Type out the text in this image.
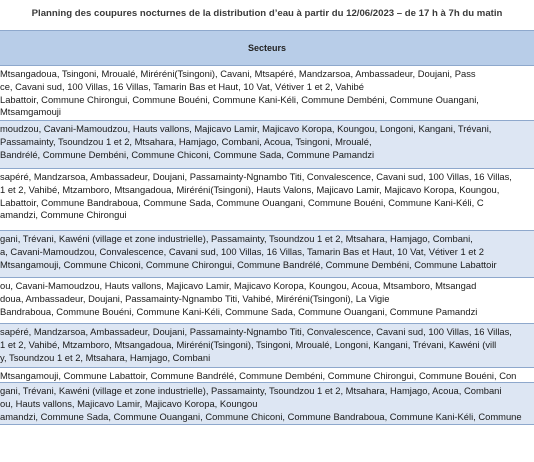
Planning des coupures nocturnes de la distribution d’eau à partir du 12/06/2023 – de 17 h à 7h du matin
Secteurs
Mtsangadoua, Tsingoni, Mroualé, Miréréni(Tsingoni), Cavani, Mtsapéré, Mandzarsoa, Ambassadeur, Doujani, Pass
ce, Cavani sud, 100 Villas, 16 Villas, Tamarin Bas et Haut, 10 Vat, Vétiver 1 et 2, Vahibé
Labattoir, Commune Chirongui, Commune Bouéni, Commune Kani-Kéli, Commune Dembéni, Commune Ouangani,
Mtsamgamouji
moudzou, Cavani-Mamoudzou, Hauts vallons, Majicavo Lamir, Majicavo Koropa, Koungou, Longoni, Kangani, Trévani,
Passamainty, Tsoundzou 1 et 2, Mtsahara, Hamjago, Combani, Acoua, Tsingoni, Mroualé,
Bandrélé, Commune Dembéni, Commune Chiconi, Commune Sada, Commune Pamandzi
sapéré, Mandzarsoa, Ambassadeur, Doujani, Passamainty-Ngnambo Titi, Convalescence, Cavani sud, 100 Villas, 16 Villas,
1 et 2, Vahibé, Mtzamboro, Mtsangadoua, Miréréni(Tsingoni), Hauts Valons, Majicavo Lamir, Majicavo Koropa, Koungou,
Labattoir, Commune Bandraboua, Commune Sada, Commune Ouangani, Commune Bouéni, Commune Kani-Kéli, C
amandzi, Commune Chirongui
gani, Trévani, Kawéni (village et zone industrielle), Passamainty, Tsoundzou 1 et 2, Mtsahara, Hamjago, Combani,
a, Cavani-Mamoudzou, Convalescence, Cavani sud, 100 Villas, 16 Villas, Tamarin Bas et Haut, 10 Vat, Vétiver 1 et 2
Mtsangamouji, Commune Chiconi, Commune Chirongui, Commune Bandrélé, Commune Dembéni, Commune Labattoir
ou, Cavani-Mamoudzou, Hauts vallons, Majicavo Lamir, Majicavo Koropa, Koungou, Acoua, Mtsamboro, Mtsangad
doua, Ambassadeur, Doujani, Passamainty-Ngnambo Titi, Vahibé, Miréréni(Tsingoni), La Vigie
Bandraboua, Commune Bouéni, Commune Kani-Kéli, Commune Sada, Commune Ouangani, Commune Pamandzi
sapéré, Mandzarsoa, Ambassadeur, Doujani, Passamainty-Ngnambo Titi, Convalescence, Cavani sud, 100 Villas, 16 Villas,
1 et 2, Vahibé, Mtzamboro, Mtsangadoua, Miréréni(Tsingoni), Tsingoni, Mroualé, Longoni, Kangani, Trévani, Kawéni (vill
y, Tsoundzou 1 et 2, Mtsahara, Hamjago, Combani
Mtsangamouji, Commune Labattoir, Commune Bandrélé, Commune Dembéni, Commune Chirongui, Commune Bouéni, Con
gani, Trévani, Kawéni (village et zone industrielle), Passamainty, Tsoundzou 1 et 2, Mtsahara, Hamjago, Acoua, Combani
ou, Hauts vallons, Majicavo Lamir, Majicavo Koropa, Koungou
amandzi, Commune Sada, Commune Ouangani, Commune Chiconi, Commune Bandraboua, Commune Kani-Kéli, Commune
